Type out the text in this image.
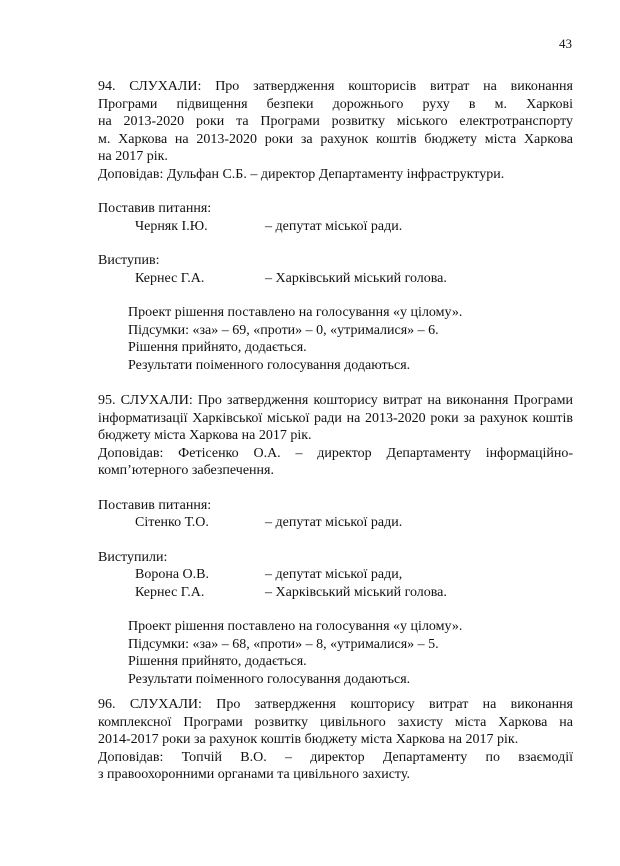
43
94. СЛУХАЛИ: Про затвердження кошторисів витрат на виконання
Програми підвищення безпеки дорожнього руху в м. Харкові
на 2013-2020 роки та Програми розвитку міського електротранспорту
м. Харкова на 2013-2020 роки за рахунок коштів бюджету міста Харкова
на 2017 рік.
Доповідав: Дульфан С.Б. – директор Департаменту інфраструктури.
Поставив питання:
Черняк І.Ю.	– депутат міської ради.
Виступив:
Кернес Г.А.	– Харківський міський голова.
Проект рішення поставлено на голосування «у цілому».
Підсумки: «за» – 69, «проти» – 0, «утрималися» – 6.
Рішення прийнято, додається.
Результати поіменного голосування додаються.
95. СЛУХАЛИ: Про затвердження кошторису витрат на виконання Програми
інформатизації Харківської міської ради на 2013-2020 роки за рахунок коштів
бюджету міста Харкова на 2017 рік.
Доповідав: Фетісенко О.А. – директор Департаменту інформаційно-
комп’ютерного забезпечення.
Поставив питання:
Сітенко Т.О.	– депутат міської ради.
Виступили:
Ворона О.В.	– депутат міської ради,
Кернес Г.А.	– Харківський міський голова.
Проект рішення поставлено на голосування «у цілому».
Підсумки: «за» – 68, «проти» – 8, «утрималися» – 5.
Рішення прийнято, додається.
Результати поіменного голосування додаються.
96. СЛУХАЛИ: Про затвердження кошторису витрат на виконання
комплексної Програми розвитку цивільного захисту міста Харкова на
2014-2017 роки за рахунок коштів бюджету міста Харкова на 2017 рік.
Доповідав: Топчій В.О. – директор Департаменту по взаємодії
з правоохоронними органами та цивільного захисту.
